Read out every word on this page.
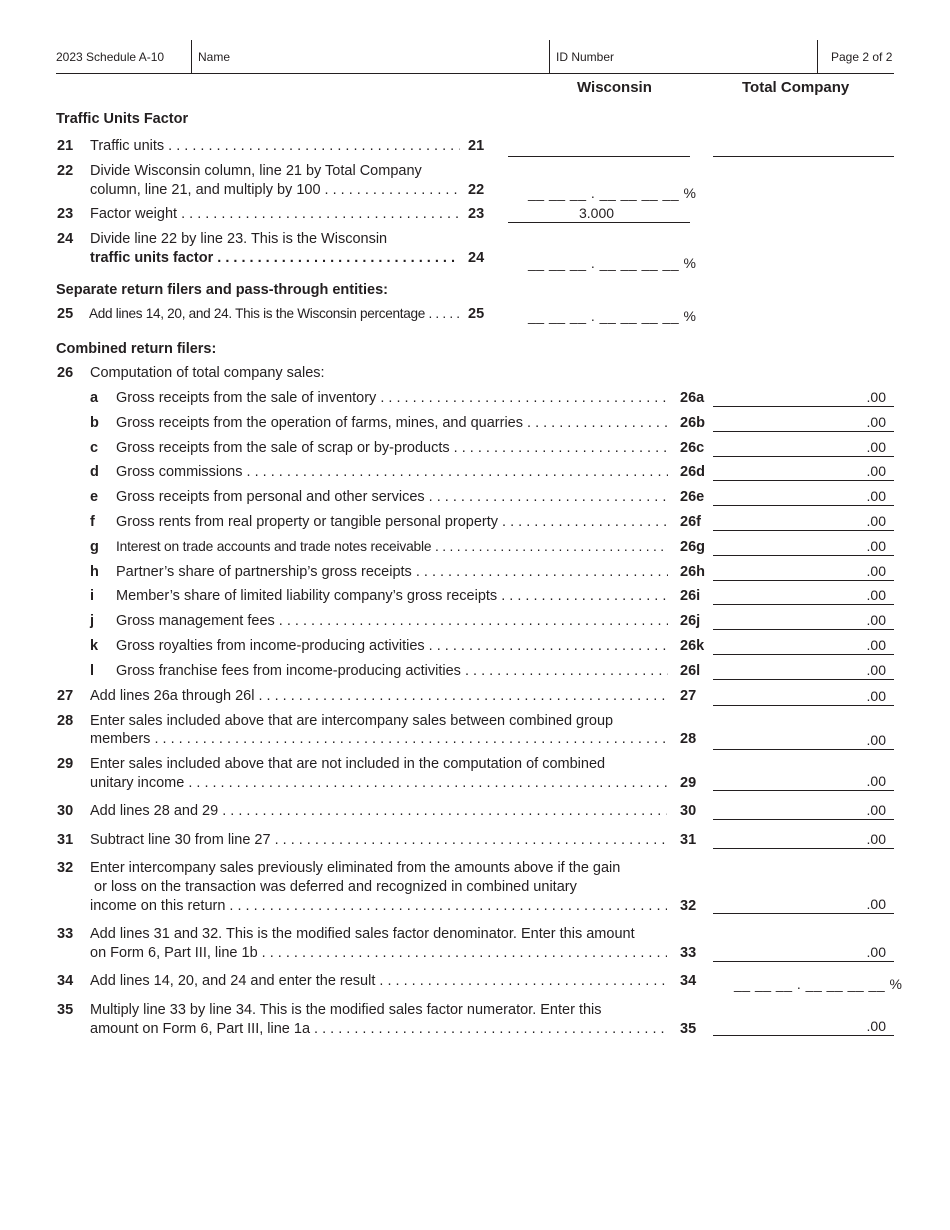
2023 Schedule A-10	Name	ID Number	Page 2 of 2
Wisconsin	Total Company
Traffic Units Factor
21 Traffic units . . .	21
22 Divide Wisconsin column, line 21 by Total Company
column, line 21, and multiply by 100 . . .	22	__ __ __ . __ __ __ __ %
23 Factor weight . . .	23	3.000
24 Divide line 22 by line 23. This is the Wisconsin
traffic units factor . . .	24	__ __ __ . __ __ __ __ %
Separate return filers and pass-through entities:
25 Add lines 14, 20, and 24. This is the Wisconsin percentage . . .	25	__ __ __ . __ __ __ __ %
Combined return filers:
26 Computation of total company sales:
a Gross receipts from the sale of inventory . . .	26a	.00
b Gross receipts from the operation of farms, mines, and quarries . . .	26b	.00
c Gross receipts from the sale of scrap or by-products . . .	26c	.00
d Gross commissions . . .	26d	.00
e Gross receipts from personal and other services . . .	26e	.00
f Gross rents from real property or tangible personal property . . .	26f	.00
g Interest on trade accounts and trade notes receivable . . .	26g	.00
h Partner’s share of partnership’s gross receipts . . .	26h	.00
i Member’s share of limited liability company’s gross receipts . . .	26i	.00
j Gross management fees . . .	26j	.00
k Gross royalties from income-producing activities . . .	26k	.00
l Gross franchise fees from income-producing activities . . .	26l	.00
27 Add lines 26a through 26l . . .	27	.00
28 Enter sales included above that are intercompany sales between combined group
members . . .	28	.00
29 Enter sales included above that are not included in the computation of combined
unitary income . . .	29	.00
30 Add lines 28 and 29 . . .	30	.00
31 Subtract line 30 from line 27 . . .	31	.00
32 Enter intercompany sales previously eliminated from the amounts above if the gain
or loss on the transaction was deferred and recognized in combined unitary
income on this return . . .	32	.00
33 Add lines 31 and 32. This is the modified sales factor denominator. Enter this amount
on Form 6, Part III, line 1b . . .	33	.00
34 Add lines 14, 20, and 24 and enter the result . . .	34	__ __ __ . __ __ __ __ %
35 Multiply line 33 by line 34. This is the modified sales factor numerator. Enter this
amount on Form 6, Part III, line 1a . . .	35	.00
